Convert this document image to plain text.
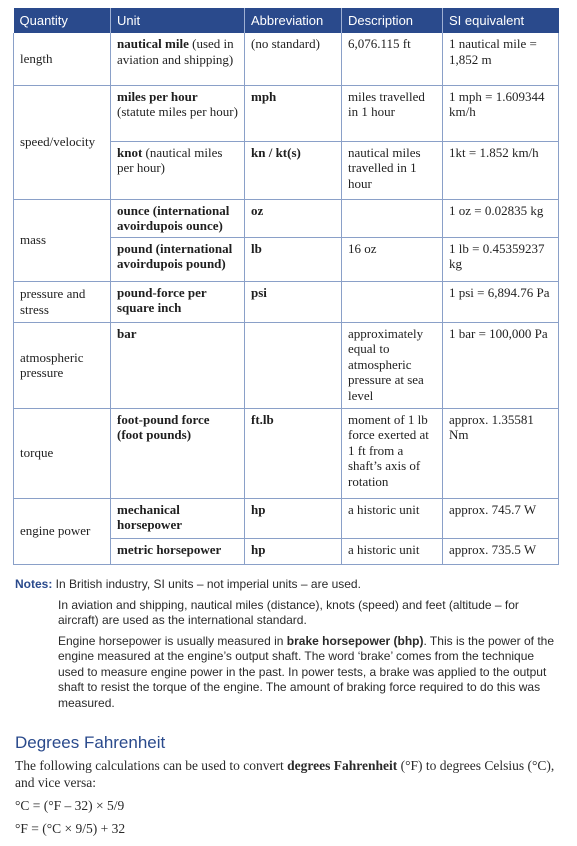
Quantity	Unit	Abbreviation	Description	SI equivalent
length	nautical mile (used in aviation and shipping)	(no standard)	6,076.115 ft	1 nautical mile = 1,852 m
speed/velocity	miles per hour (statute miles per hour)	mph	miles travelled in 1 hour	1 mph = 1.609344 km/h
	knot (nautical miles per hour)	kn / kt(s)	nautical miles travelled in 1 hour	1kt = 1.852 km/h
mass	ounce (international avoirdupois ounce)	oz		1 oz = 0.02835 kg
	pound (international avoirdupois pound)	lb	16 oz	1 lb = 0.45359237 kg
pressure and stress	pound-force per square inch	psi		1 psi = 6,894.76 Pa
atmospheric pressure	bar		approximately equal to atmospheric pressure at sea level	1 bar = 100,000 Pa
torque	foot-pound force (foot pounds)	ft.lb	moment of 1 lb force exerted at 1 ft from a shaft’s axis of rotation	approx. 1.35581 Nm
engine power	mechanical horsepower	hp	a historic unit	approx. 745.7 W
	metric horsepower	hp	a historic unit	approx. 735.5 W

Notes: In British industry, SI units – not imperial units – are used.

In aviation and shipping, nautical miles (distance), knots (speed) and feet (altitude – for aircraft) are used as the international standard.

Engine horsepower is usually measured in brake horsepower (bhp). This is the power of the engine measured at the engine’s output shaft. The word ‘brake’ comes from the technique used to measure engine power in the past. In power tests, a brake was applied to the output shaft to resist the torque of the engine. The amount of braking force required to do this was measured.

Degrees Fahrenheit

The following calculations can be used to convert degrees Fahrenheit (°F) to degrees Celsius (°C), and vice versa:

°C = (°F – 32) × 5/9

°F = (°C × 9/5) + 32
